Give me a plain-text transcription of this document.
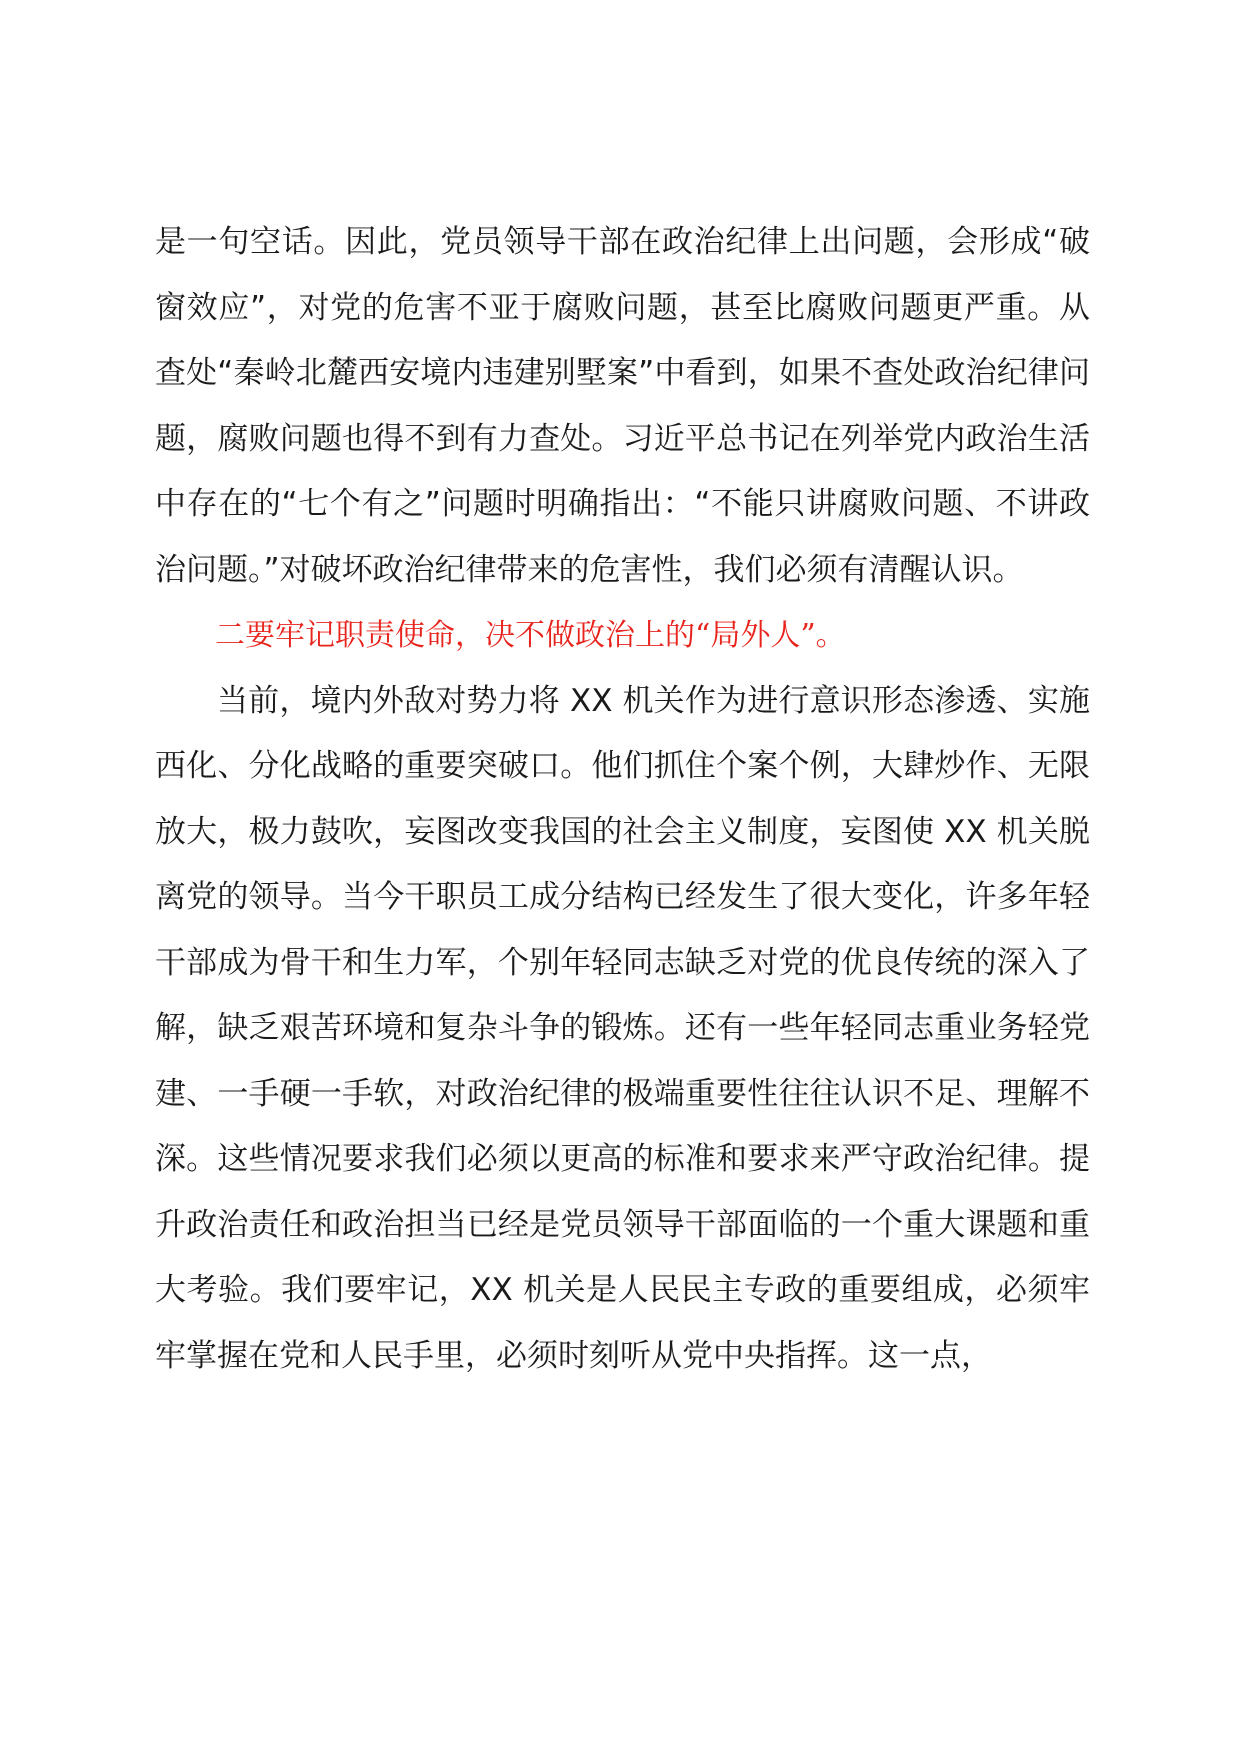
是一句空话。因此，党员领导干部在政治纪律上出问题，会形成“破窗效应”，对党的危害不亚于腐败问题，甚至比腐败问题更严重。从查处“秦岭北麓西安境内违建别墅案”中看到，如果不查处政治纪律问题，腐败问题也得不到有力查处。习近平总书记在列举党内政治生活中存在的“七个有之”问题时明确指出：“不能只讲腐败问题、不讲政治问题。”对破坏政治纪律带来的危害性，我们必须有清醒认识。

二要牢记职责使命，决不做政治上的“局外人”。

当前，境内外敌对势力将 XX 机关作为进行意识形态渗透、实施西化、分化战略的重要突破口。他们抓住个案个例，大肆炒作、无限放大，极力鼓吹，妄图改变我国的社会主义制度，妄图使 XX 机关脱离党的领导。当今干职员工成分结构已经发生了很大变化，许多年轻干部成为骨干和生力军，个别年轻同志缺乏对党的优良传统的深入了解，缺乏艰苦环境和复杂斗争的锻炼。还有一些年轻同志重业务轻党建、一手硬一手软，对政治纪律的极端重要性往往认识不足、理解不深。这些情况要求我们必须以更高的标准和要求来严守政治纪律。提升政治责任和政治担当已经是党员领导干部面临的一个重大课题和重大考验。我们要牢记，XX 机关是人民民主专政的重要组成，必须牢牢掌握在党和人民手里，必须时刻听从党中央指挥。这一点，
